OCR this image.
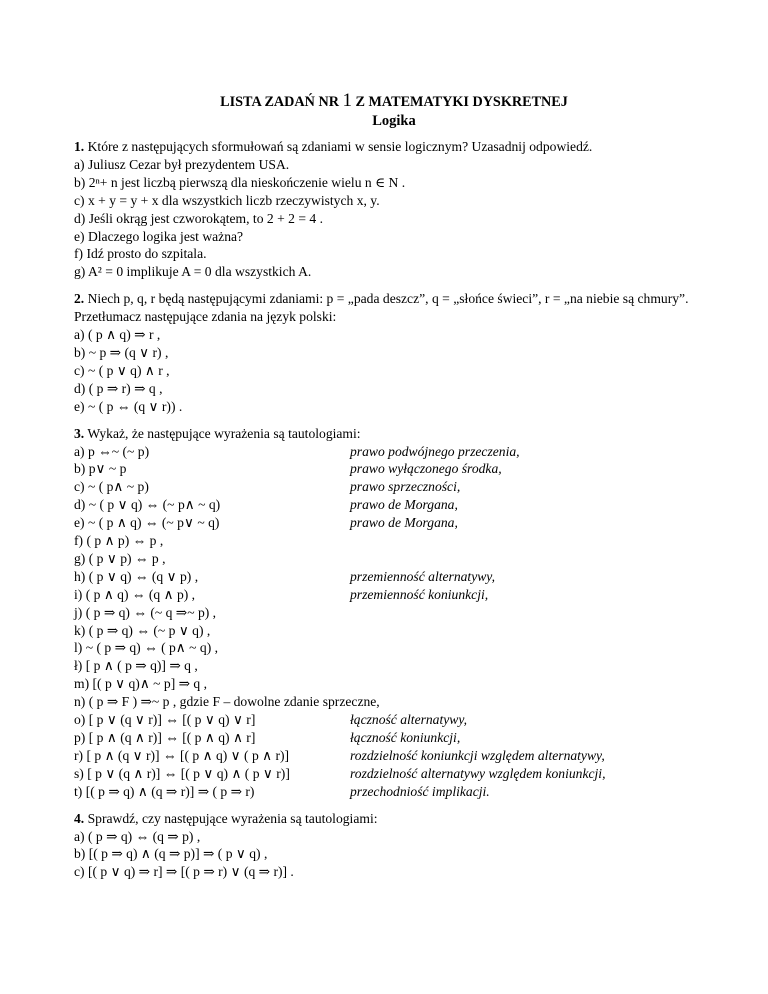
LISTA ZADAŃ NR 1 Z MATEMATYKI DYSKRETNEJ
Logika
1. Które z następujących sformułowań są zdaniami w sensie logicznym? Uzasadnij odpowiedź.
a) Juliusz Cezar był prezydentem USA.
b) 2ⁿ+ n jest liczbą pierwszą dla nieskończenie wielu n ∈ N .
c) x + y = y + x dla wszystkich liczb rzeczywistych x, y.
d) Jeśli okrąg jest czworokątem, to 2 + 2 = 4 .
e) Dlaczego logika jest ważna?
f) Idź prosto do szpitala.
g) A² = 0 implikuje A = 0 dla wszystkich A.
2. Niech p, q, r będą następującymi zdaniami: p = „pada deszcz”, q = „słońce świeci”, r = „na niebie są chmury”. Przetłumacz następujące zdania na język polski:
a) ( p ∧ q) ⇒ r ,
b) ~ p ⇒ (q ∨ r) ,
c) ~ ( p ∨ q) ∧ r ,
d) ( p ⇒ r) ⇒ q ,
e) ~ ( p ⇔ (q ∨ r)) .
3. Wykaż, że następujące wyrażenia są tautologiami:
a) p ⇔~ (~ p)	prawo podwójnego przeczenia,
b) p∨ ~ p	prawo wyłączonego środka,
c) ~ ( p∧ ~ p)	prawo sprzeczności,
d) ~ ( p ∨ q) ⇔ (~ p∧ ~ q)	prawo de Morgana,
e) ~ ( p ∧ q) ⇔ (~ p∨ ~ q)	prawo de Morgana,
f) ( p ∧ p) ⇔ p ,
g) ( p ∨ p) ⇔ p ,
h) ( p ∨ q) ⇔ (q ∨ p) ,	przemienność alternatywy,
i) ( p ∧ q) ⇔ (q ∧ p) ,	przemienność koniunkcji,
j) ( p ⇒ q) ⇔ (~ q ⇒~ p) ,
k) ( p ⇒ q) ⇔ (~ p ∨ q) ,
l) ~ ( p ⇒ q) ⇔ ( p∧ ~ q) ,
ł) [ p ∧ ( p ⇒ q)] ⇒ q ,
m) [( p ∨ q)∧ ~ p] ⇒ q ,
n) ( p ⇒ F ) ⇒~ p , gdzie F – dowolne zdanie sprzeczne,
o) [ p ∨ (q ∨ r)] ⇔ [( p ∨ q) ∨ r]	łączność alternatywy,
p) [ p ∧ (q ∧ r)] ⇔ [( p ∧ q) ∧ r]	łączność koniunkcji,
r) [ p ∧ (q ∨ r)] ⇔ [( p ∧ q) ∨ ( p ∧ r)]	rozdzielność koniunkcji względem alternatywy,
s) [ p ∨ (q ∧ r)] ⇔ [( p ∨ q) ∧ ( p ∨ r)]	rozdzielność alternatywy względem koniunkcji,
t) [( p ⇒ q) ∧ (q ⇒ r)] ⇒ ( p ⇒ r)	przechodniość implikacji.
4. Sprawdź, czy następujące wyrażenia są tautologiami:
a) ( p ⇒ q) ⇔ (q ⇒ p) ,
b) [( p ⇒ q) ∧ (q ⇒ p)] ⇒ ( p ∨ q) ,
c) [( p ∨ q) ⇒ r] ⇒ [( p ⇒ r) ∨ (q ⇒ r)] .
